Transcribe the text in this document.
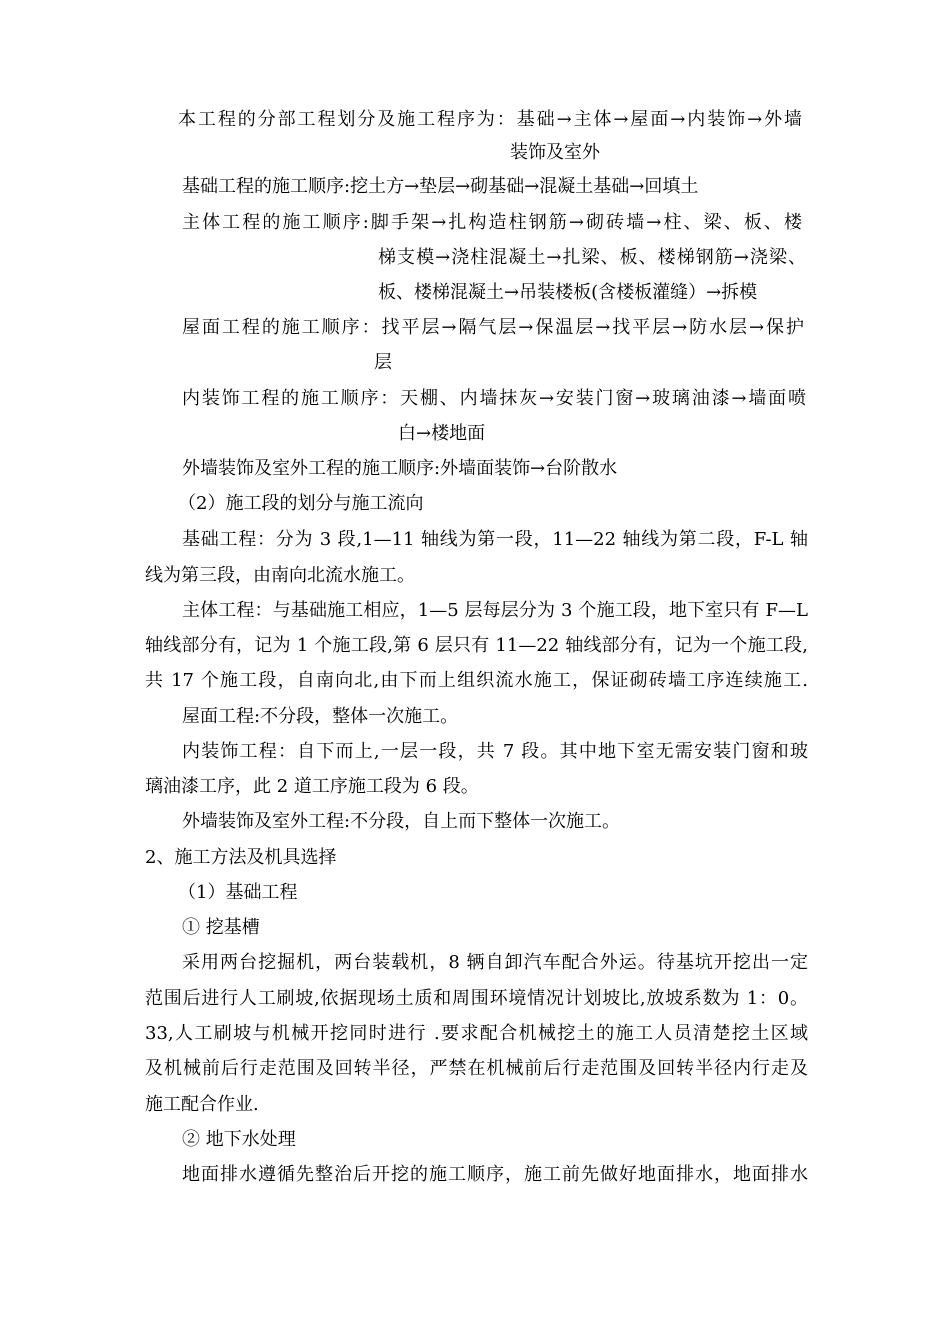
本工程的分部工程划分及施工程序为：基础→主体→屋面→内装饰→外墙
装饰及室外
基础工程的施工顺序:挖土方→垫层→砌基础→混凝土基础→回填土
主体工程的施工顺序:脚手架→扎构造柱钢筋→砌砖墙→柱、梁、板、楼
梯支模→浇柱混凝土→扎梁、板、楼梯钢筋→浇梁、
板、楼梯混凝土→吊装楼板(含楼板灌缝）→拆模
屋面工程的施工顺序：找平层→隔气层→保温层→找平层→防水层→保护
层
内装饰工程的施工顺序：天棚、内墙抹灰→安装门窗→玻璃油漆→墙面喷
白→楼地面
外墙装饰及室外工程的施工顺序:外墙面装饰→台阶散水
（2）施工段的划分与施工流向
基础工程：分为 3 段,1—11 轴线为第一段，11—22 轴线为第二段，F-L 轴
线为第三段，由南向北流水施工。
主体工程：与基础施工相应，1—5 层每层分为 3 个施工段，地下室只有 F—L
轴线部分有，记为 1 个施工段,第 6 层只有 11—22 轴线部分有，记为一个施工段,
共 17 个施工段，自南向北,由下而上组织流水施工，保证砌砖墙工序连续施工.
屋面工程:不分段，整体一次施工。
内装饰工程：自下而上,一层一段，共 7 段。其中地下室无需安装门窗和玻
璃油漆工序，此 2 道工序施工段为 6 段。
外墙装饰及室外工程:不分段，自上而下整体一次施工。
2、施工方法及机具选择
（1）基础工程
① 挖基槽
采用两台挖掘机，两台装载机，8 辆自卸汽车配合外运。待基坑开挖出一定
范围后进行人工刷坡,依据现场土质和周围环境情况计划坡比,放坡系数为 1：0。
33,人工刷坡与机械开挖同时进行 .要求配合机械挖土的施工人员清楚挖土区域
及机械前后行走范围及回转半径，严禁在机械前后行走范围及回转半径内行走及
施工配合作业.
② 地下水处理
地面排水遵循先整治后开挖的施工顺序，施工前先做好地面排水，地面排水
